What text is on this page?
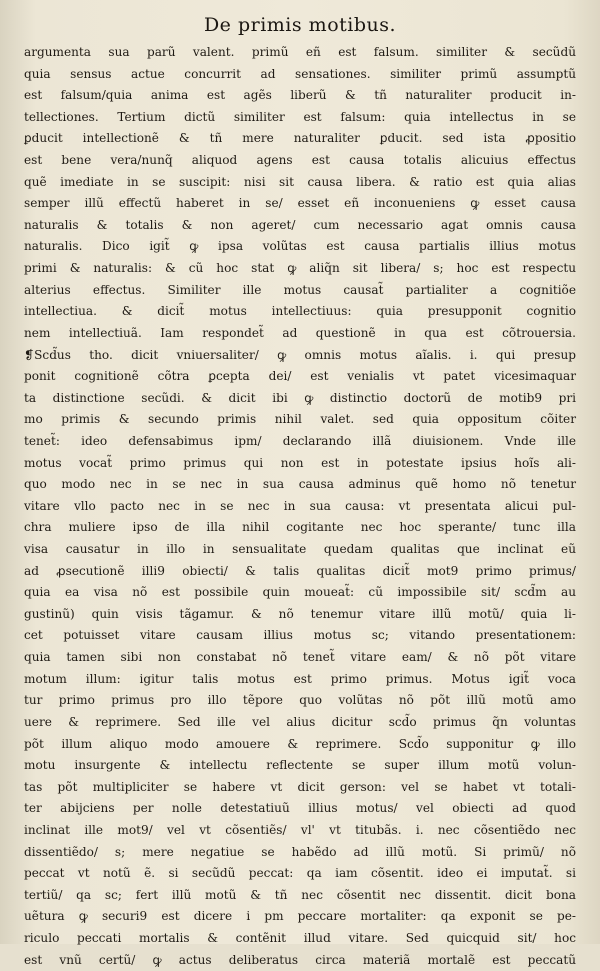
De primis motibus.
argumenta sua parũ valent. primũ eñ est falsum. similiter & secũdũ
quia sensus actue concurrit ad sensationes. similiter primũ assumptũ
est falsum/quia anima est agẽs liberũ & tñ naturaliter producit in-
tellectiones. Tertium dictũ similiter est falsum: quia intellectus in se
ꝑducit intellectionẽ & tñ mere naturaliter ꝑducit. sed ista ꝓpositio
est bene vera/nunq̃ aliquod agens est causa totalis alicuius effectus
quẽ imediate in se suscipit: nisi sit causa libera. & ratio est quia alias
semper illũ effectũ haberet in se/ esset eñ inconueniens ꝙ esset causa
naturalis & totalis & non ageret/ cum necessario agat omnis causa
naturalis. Dico igit̃ ꝙ ipsa volũtas est causa partialis illius motus
primi & naturalis: & cũ hoc stat ꝙ aliq̃n sit libera/ s; hoc est respectu
alterius effectus. Similiter ille motus causat̃ partialiter a cognitiõe
intellectiua. & dicit̃ motus intellectiuus: quia presupponit cognitio
nem intellectiuã. Iam respondet̃ ad questionẽ in qua est cõtrouersia.
❡Scd̃us tho. dicit vniuersaliter/ ꝙ omnis motus aĩalis. i. qui presup
ponit cognitionẽ cõtra ꝑcepta dei/ est venialis vt patet vicesimaquar
ta distinctione secũdi. & dicit ibi ꝙ distinctio doctorũ de motib9 pri
mo primis & secundo primis nihil valet. sed quia oppositum cõiter
tenet̃: ideo defensabimus ipm/ declarando illã diuisionem. Vnde ille
motus vocat̃ primo primus qui non est in potestate ipsius hoĩs ali-
quo modo nec in se nec in sua causa adminus quẽ homo nõ tenetur
vitare vllo pacto nec in se nec in sua causa: vt presentata alicui pul-
chra muliere ipso de illa nihil cogitante nec hoc sperante/ tunc illa
visa causatur in illo in sensualitate quedam qualitas que inclinat eũ
ad ꝓsecutionẽ illi9 obiecti/ & talis qualitas dicit̃ mot9 primo primus/
quia ea visa nõ est possibile quin moueat̃: cũ impossibile sit/ scd̃m au
gustinũ) quin visis tãgamur. & nõ tenemur vitare illũ motũ/ quia li-
cet potuisset vitare causam illius motus sc; vitando presentationem:
quia tamen sibi non constabat nõ tenet̃ vitare eam/ & nõ põt vitare
motum illum: igitur talis motus est primo primus. Motus igit̃ voca
tur primo primus pro illo tẽpore quo volũtas nõ põt illũ motũ amo
uere & reprimere. Sed ille vel alius dicitur scd̃o primus q̃n voluntas
põt illum aliquo modo amouere & reprimere. Scd̃o supponitur ꝙ illo
motu insurgente & intellectu reflectente se super illum motũ volun-
tas põt multipliciter se habere vt dicit gerson: vel se habet vt totali-
ter abijciens per nolle detestatiuũ illius motus/ vel obiecti ad quod
inclinat ille mot9/ vel vt cõsentiẽs/ vl' vt titubãs. i. nec cõsentiẽdo nec
dissentiẽdo/ s; mere negatiue se habẽdo ad illũ motũ. Si primũ/ nõ
peccat vt notũ ẽ. si secũdũ peccat: qa iam cõsentit. ideo ei imputat̃. si
tertiũ/ qa sc; fert illũ motũ & tñ nec cõsentit nec dissentit. dicit bona
uẽtura ꝙ securi9 est dicere i pm peccare mortaliter: qa exponit se pe-
riculo peccati mortalis & contẽnit illud vitare. Sed quicquid sit/ hoc
est vnũ certũ/ ꝙ actus deliberatus circa materiã mortalẽ est peccatũ
